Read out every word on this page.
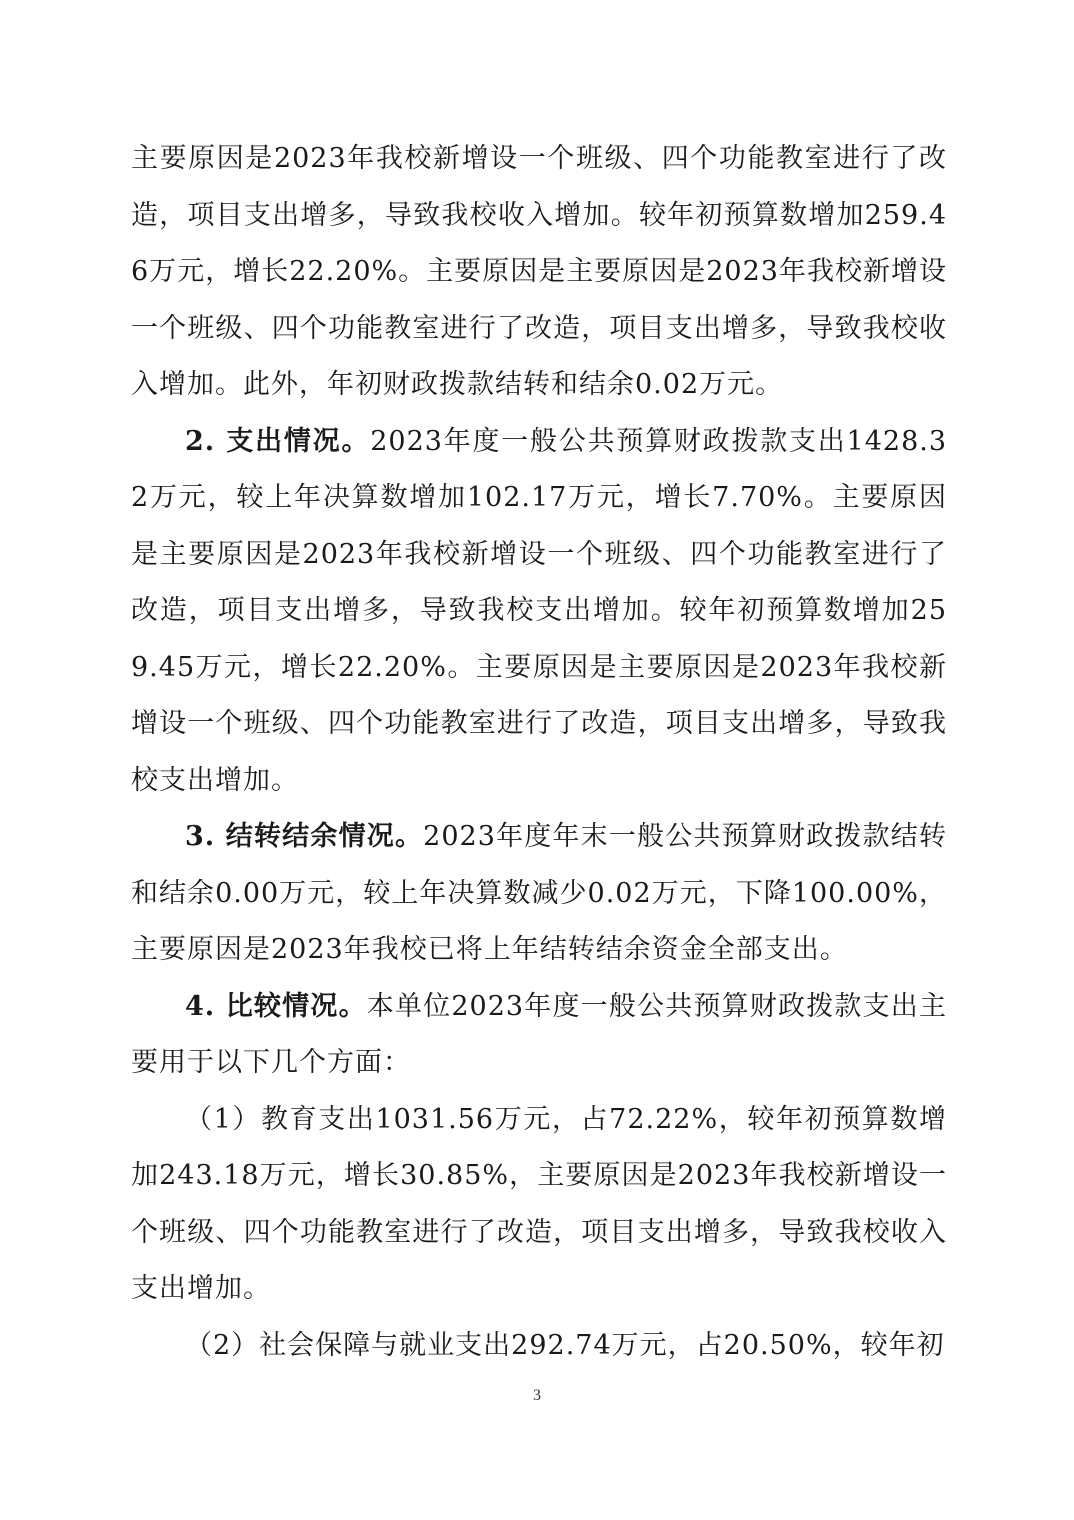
主要原因是2023年我校新增设一个班级、四个功能教室进行了改造，项目支出增多，导致我校收入增加。较年初预算数增加259.46万元，增长22.20%。主要原因是主要原因是2023年我校新增设一个班级、四个功能教室进行了改造，项目支出增多，导致我校收入增加。此外，年初财政拨款结转和结余0.02万元。

2. 支出情况。2023年度一般公共预算财政拨款支出1428.32万元，较上年决算数增加102.17万元，增长7.70%。主要原因是主要原因是2023年我校新增设一个班级、四个功能教室进行了改造，项目支出增多，导致我校支出增加。较年初预算数增加259.45万元，增长22.20%。主要原因是主要原因是2023年我校新增设一个班级、四个功能教室进行了改造，项目支出增多，导致我校支出增加。

3. 结转结余情况。2023年度年末一般公共预算财政拨款结转和结余0.00万元，较上年决算数减少0.02万元，下降100.00%，主要原因是2023年我校已将上年结转结余资金全部支出。

4. 比较情况。本单位2023年度一般公共预算财政拨款支出主要用于以下几个方面：

（1）教育支出1031.56万元，占72.22%，较年初预算数增加243.18万元，增长30.85%，主要原因是2023年我校新增设一个班级、四个功能教室进行了改造，项目支出增多，导致我校收入支出增加。

（2）社会保障与就业支出292.74万元，占20.50%，较年初

3
